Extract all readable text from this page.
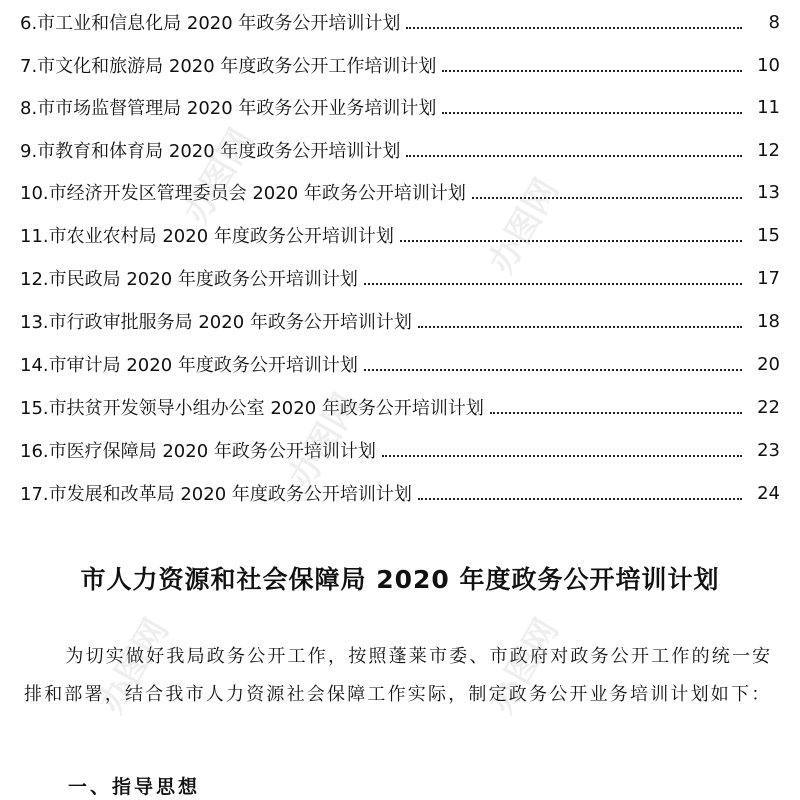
6.市工业和信息化局 2020 年政务公开培训计划	8
7.市文化和旅游局 2020 年度政务公开工作培训计划	10
8.市市场监督管理局 2020 年政务公开业务培训计划	11
9.市教育和体育局 2020 年度政务公开培训计划	12
10.市经济开发区管理委员会 2020 年政务公开培训计划	13
11.市农业农村局 2020 年度政务公开培训计划	15
12.市民政局 2020 年度政务公开培训计划	17
13.市行政审批服务局 2020 年政务公开培训计划	18
14.市审计局 2020 年度政务公开培训计划	20
15.市扶贫开发领导小组办公室 2020 年政务公开培训计划	22
16.市医疗保障局 2020 年政务公开培训计划	23
17.市发展和改革局 2020 年度政务公开培训计划	24
市人力资源和社会保障局 2020 年度政务公开培训计划

为切实做好我局政务公开工作，按照蓬莱市委、市政府对政务公开工作的统一安排和部署，结合我市人力资源社会保障工作实际，制定政务公开业务培训计划如下：

一、指导思想
办图网	办图网
办图网
办图网	办图网
